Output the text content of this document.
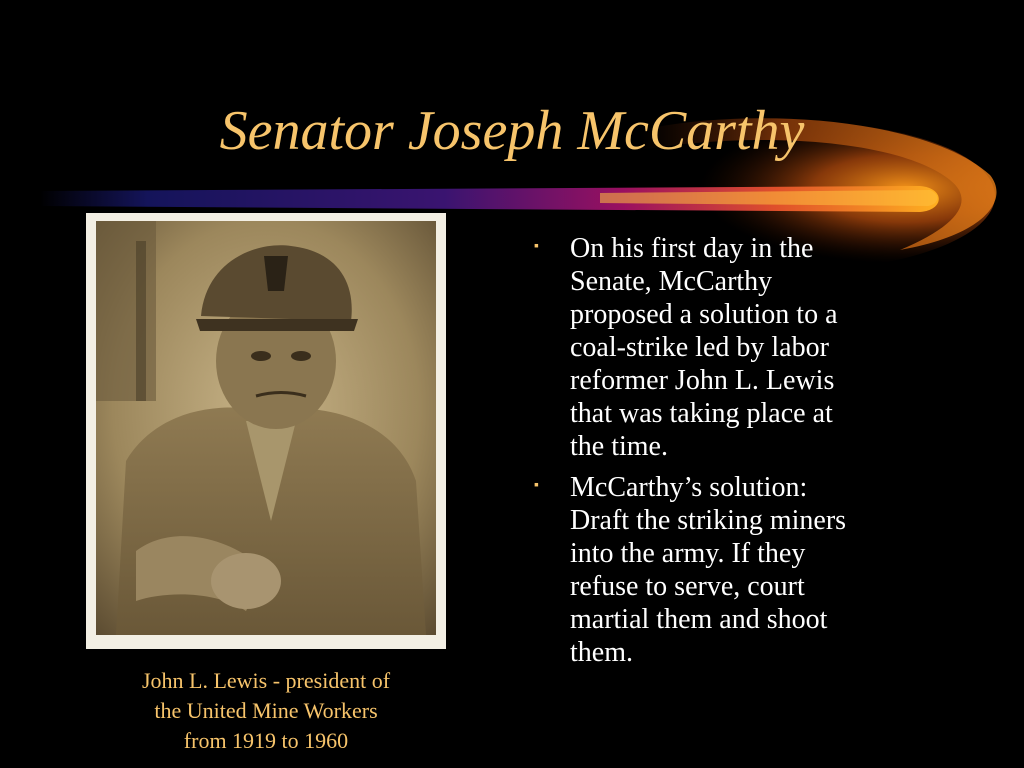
Senator Joseph McCarthy
John L. Lewis - president of
the United Mine Workers
from 1919 to 1960
▪ On his first day in the
Senate, McCarthy
proposed a solution to a
coal-strike led by labor
reformer John L. Lewis
that was taking place at
the time.
▪ McCarthy’s solution:
Draft the striking miners
into the army. If they
refuse to serve, court
martial them and shoot
them.
